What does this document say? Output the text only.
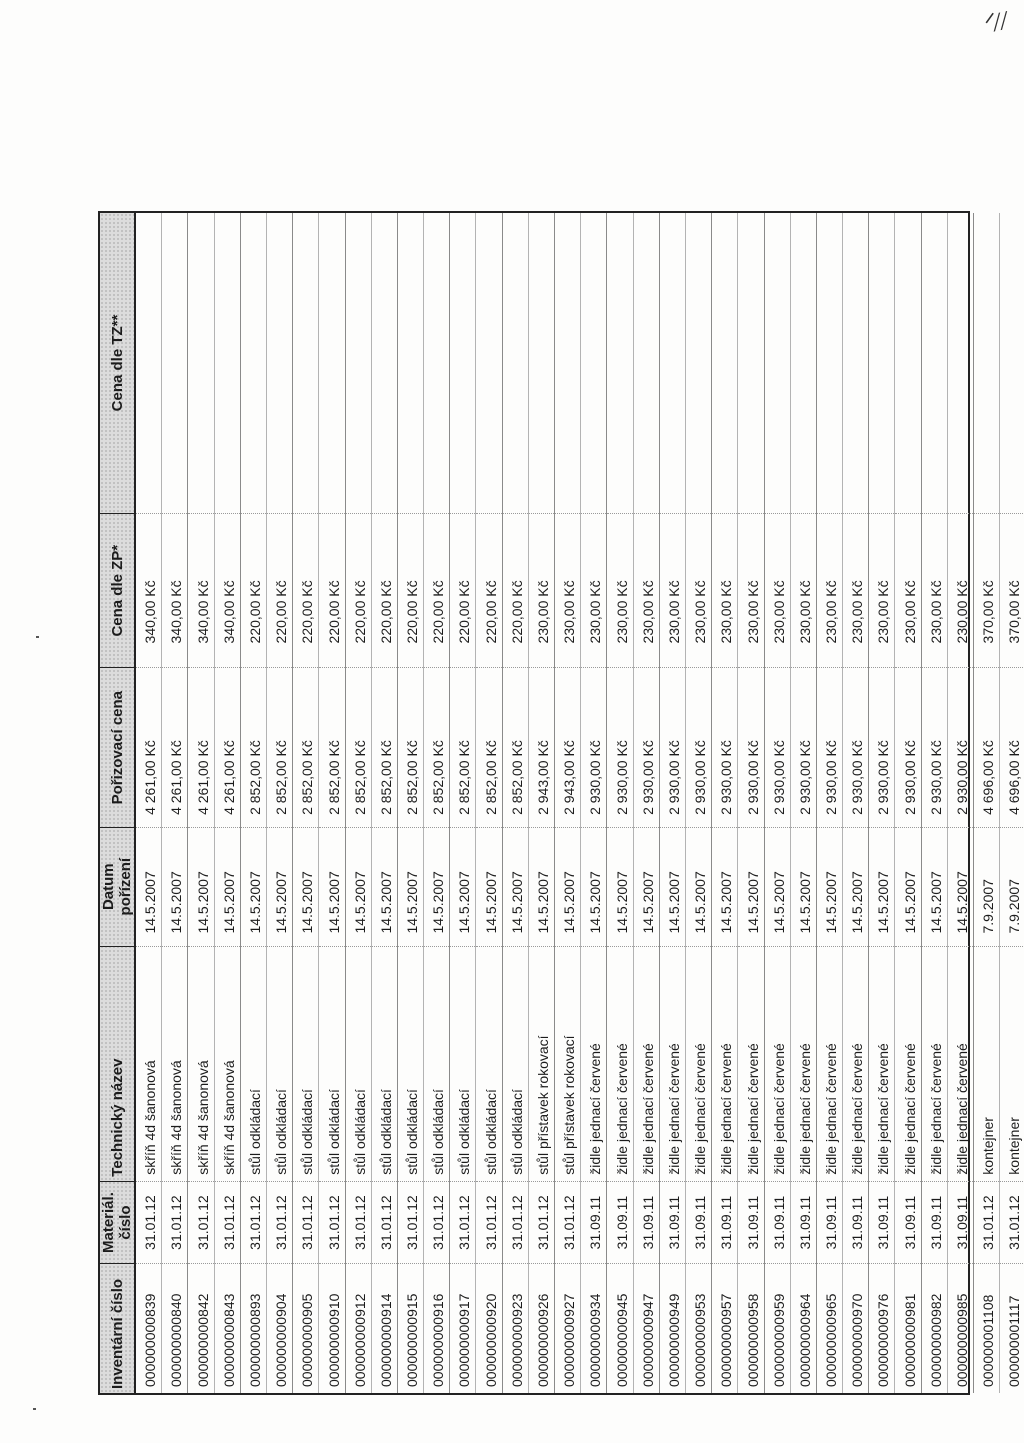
ᐟ//
Inventární číslo
Materiál.
číslo
Technický název
Datum
pořízení
Pořizovací cena
Cena dle ZP*
Cena dle TZ**
000000000839
31.01.12
skříň 4d šanonová
14.5.2007
4 261,00 Kč
340,00 Kč
000000000840
31.01.12
skříň 4d šanonová
14.5.2007
4 261,00 Kč
340,00 Kč
000000000842
31.01.12
skříň 4d šanonová
14.5.2007
4 261,00 Kč
340,00 Kč
000000000843
31.01.12
skříň 4d šanonová
14.5.2007
4 261,00 Kč
340,00 Kč
000000000893
31.01.12
stůl odkládací
14.5.2007
2 852,00 Kč
220,00 Kč
000000000904
31.01.12
stůl odkládací
14.5.2007
2 852,00 Kč
220,00 Kč
000000000905
31.01.12
stůl odkládací
14.5.2007
2 852,00 Kč
220,00 Kč
000000000910
31.01.12
stůl odkládací
14.5.2007
2 852,00 Kč
220,00 Kč
000000000912
31.01.12
stůl odkládací
14.5.2007
2 852,00 Kč
220,00 Kč
000000000914
31.01.12
stůl odkládací
14.5.2007
2 852,00 Kč
220,00 Kč
000000000915
31.01.12
stůl odkládací
14.5.2007
2 852,00 Kč
220,00 Kč
000000000916
31.01.12
stůl odkládací
14.5.2007
2 852,00 Kč
220,00 Kč
000000000917
31.01.12
stůl odkládací
14.5.2007
2 852,00 Kč
220,00 Kč
000000000920
31.01.12
stůl odkládací
14.5.2007
2 852,00 Kč
220,00 Kč
000000000923
31.01.12
stůl odkládací
14.5.2007
2 852,00 Kč
220,00 Kč
000000000926
31.01.12
stůl přístavek rokovací
14.5.2007
2 943,00 Kč
230,00 Kč
000000000927
31.01.12
stůl přístavek rokovací
14.5.2007
2 943,00 Kč
230,00 Kč
000000000934
31.09.11
židle jednací červené
14.5.2007
2 930,00 Kč
230,00 Kč
000000000945
31.09.11
židle jednací červené
14.5.2007
2 930,00 Kč
230,00 Kč
000000000947
31.09.11
židle jednací červené
14.5.2007
2 930,00 Kč
230,00 Kč
000000000949
31.09.11
židle jednací červené
14.5.2007
2 930,00 Kč
230,00 Kč
000000000953
31.09.11
židle jednací červené
14.5.2007
2 930,00 Kč
230,00 Kč
000000000957
31.09.11
židle jednací červené
14.5.2007
2 930,00 Kč
230,00 Kč
000000000958
31.09.11
židle jednací červené
14.5.2007
2 930,00 Kč
230,00 Kč
000000000959
31.09.11
židle jednací červené
14.5.2007
2 930,00 Kč
230,00 Kč
000000000964
31.09.11
židle jednací červené
14.5.2007
2 930,00 Kč
230,00 Kč
000000000965
31.09.11
židle jednací červené
14.5.2007
2 930,00 Kč
230,00 Kč
000000000970
31.09.11
židle jednací červené
14.5.2007
2 930,00 Kč
230,00 Kč
000000000976
31.09.11
židle jednací červené
14.5.2007
2 930,00 Kč
230,00 Kč
000000000981
31.09.11
židle jednací červené
14.5.2007
2 930,00 Kč
230,00 Kč
000000000982
31.09.11
židle jednací červené
14.5.2007
2 930,00 Kč
230,00 Kč
000000000985
31.09.11
židle jednací červené
14.5.2007
2 930,00 Kč
230,00 Kč
000000001108
31.01.12
kontejner
7.9.2007
4 696,00 Kč
370,00 Kč
000000001117
31.01.12
kontejner
7.9.2007
4 696,00 Kč
370,00 Kč
